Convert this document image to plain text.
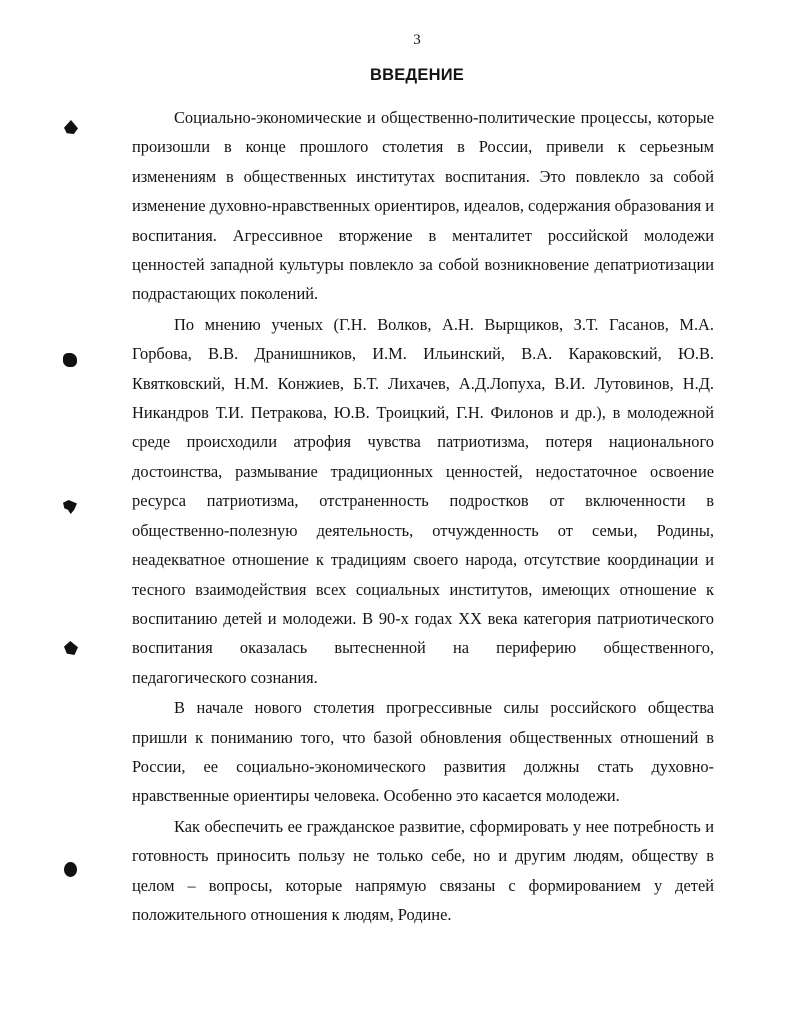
3
ВВЕДЕНИЕ

Социально-экономические и общественно-политические процессы, которые произошли в конце прошлого столетия в России, привели к серьезным изменениям в общественных институтах воспитания. Это повлекло за собой изменение духовно-нравственных ориентиров, идеалов, содержания образования и воспитания. Агрессивное вторжение в менталитет российской молодежи ценностей западной культуры повлекло за собой возникновение депатриотизации подрастающих поколений.

По мнению ученых (Г.Н. Волков, А.Н. Вырщиков, З.Т. Гасанов, М.А. Горбова, В.В. Дранишников, И.М. Ильинский, В.А. Караковский, Ю.В. Квятковский, Н.М. Конжиев, Б.Т. Лихачев, А.Д.Лопуха, В.И. Лутовинов, Н.Д. Никандров Т.И. Петракова, Ю.В. Троицкий, Г.Н. Филонов и др.), в молодежной среде происходили атрофия чувства патриотизма, потеря национального достоинства, размывание традиционных ценностей, недостаточное освоение ресурса патриотизма, отстраненность подростков от включенности в общественно-полезную деятельность, отчужденность от семьи, Родины, неадекватное отношение к традициям своего народа, отсутствие координации и тесного взаимодействия всех социальных институтов, имеющих отношение к воспитанию детей и молодежи. В 90-х годах XX века категория патриотического воспитания оказалась вытесненной на периферию общественного, педагогического сознания.

В начале нового столетия прогрессивные силы российского общества пришли к пониманию того, что базой обновления общественных отношений в России, ее социально-экономического развития должны стать духовно-нравственные ориентиры человека. Особенно это касается молодежи.

Как обеспечить ее гражданское развитие, сформировать у нее потребность и готовность приносить пользу не только себе, но и другим людям, обществу в целом – вопросы, которые напрямую связаны с формированием у детей положительного отношения к людям, Родине.
